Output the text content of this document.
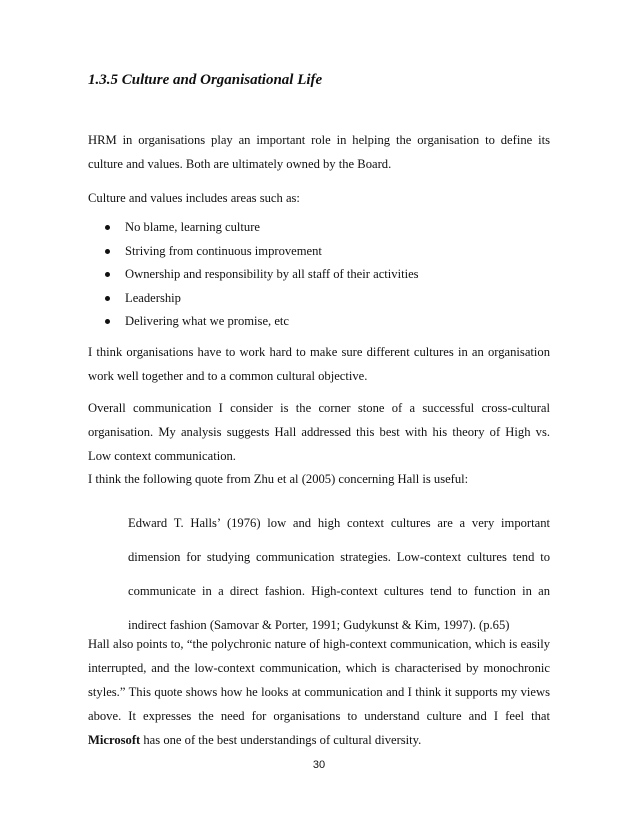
1.3.5 Culture and Organisational Life

HRM in organisations play an important role in helping the organisation to define its culture and values. Both are ultimately owned by the Board.

Culture and values includes areas such as:

No blame, learning culture
Striving from continuous improvement
Ownership and responsibility by all staff of their activities
Leadership
Delivering what we promise, etc

I think organisations have to work hard to make sure different cultures in an organisation work well together and to a common cultural objective.

Overall communication I consider is the corner stone of a successful cross-cultural organisation. My analysis suggests Hall addressed this best with his theory of High vs. Low context communication.

I think the following quote from Zhu et al (2005) concerning Hall is useful:

Edward T. Halls’ (1976) low and high context cultures are a very important dimension for studying communication strategies. Low-context cultures tend to communicate in a direct fashion. High-context cultures tend to function in an indirect fashion (Samovar & Porter, 1991; Gudykunst & Kim, 1997). (p.65)

Hall also points to, “the polychronic nature of high-context communication, which is easily interrupted, and the low-context communication, which is characterised by monochronic styles.” This quote shows how he looks at communication and I think it supports my views above. It expresses the need for organisations to understand culture and I feel that Microsoft has one of the best understandings of cultural diversity.

30
